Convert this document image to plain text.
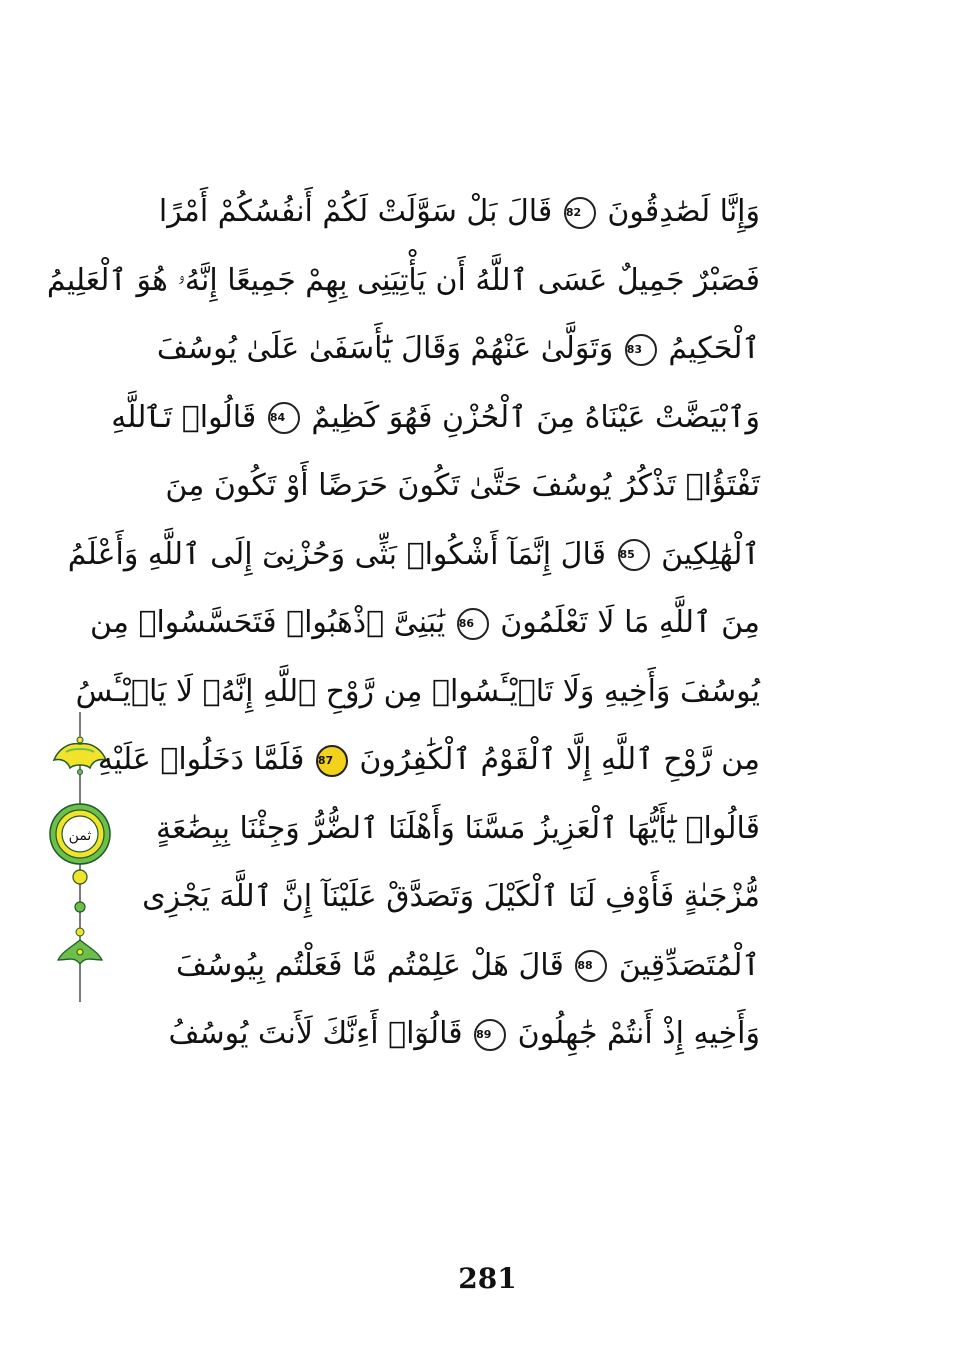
ثمن
وَإِنَّا لَصَٰدِقُونَ 82 قَالَ بَلْ سَوَّلَتْ لَكُمْ أَنفُسُكُمْ أَمْرًا
فَصَبْرٌ جَمِيلٌ عَسَى ٱللَّهُ أَن يَأْتِيَنِى بِهِمْ جَمِيعًا إِنَّهُۥ هُوَ ٱلْعَلِيمُ
ٱلْحَكِيمُ 83 وَتَوَلَّىٰ عَنْهُمْ وَقَالَ يَٰٓأَسَفَىٰ عَلَىٰ يُوسُفَ
وَٱبْيَضَّتْ عَيْنَاهُ مِنَ ٱلْحُزْنِ فَهُوَ كَظِيمٌ 84 قَالُوا۟ تَٱللَّهِ
تَفْتَؤُا۟ تَذْكُرُ يُوسُفَ حَتَّىٰ تَكُونَ حَرَضًا أَوْ تَكُونَ مِنَ
ٱلْهَٰلِكِينَ 85 قَالَ إِنَّمَآ أَشْكُوا۟ بَثِّى وَحُزْنِىٓ إِلَى ٱللَّهِ وَأَعْلَمُ
مِنَ ٱللَّهِ مَا لَا تَعْلَمُونَ 86 يَٰبَنِىَّ ٱذْهَبُوا۟ فَتَحَسَّسُوا۟ مِن
يُوسُفَ وَأَخِيهِ وَلَا تَا۟يْـَٔسُوا۟ مِن رَّوْحِ ٱللَّهِ إِنَّهُۥ لَا يَا۟يْـَٔسُ
مِن رَّوْحِ ٱللَّهِ إِلَّا ٱلْقَوْمُ ٱلْكَٰفِرُونَ 87 فَلَمَّا دَخَلُوا۟ عَلَيْهِ
قَالُوا۟ يَٰٓأَيُّهَا ٱلْعَزِيزُ مَسَّنَا وَأَهْلَنَا ٱلضُّرُّ وَجِئْنَا بِبِضَٰعَةٍ
مُّزْجَىٰةٍ فَأَوْفِ لَنَا ٱلْكَيْلَ وَتَصَدَّقْ عَلَيْنَآ إِنَّ ٱللَّهَ يَجْزِى
ٱلْمُتَصَدِّقِينَ 88 قَالَ هَلْ عَلِمْتُم مَّا فَعَلْتُم بِيُوسُفَ
وَأَخِيهِ إِذْ أَنتُمْ جَٰهِلُونَ 89 قَالُوٓا۟ أَءِنَّكَ لَأَنتَ يُوسُفُ
281
